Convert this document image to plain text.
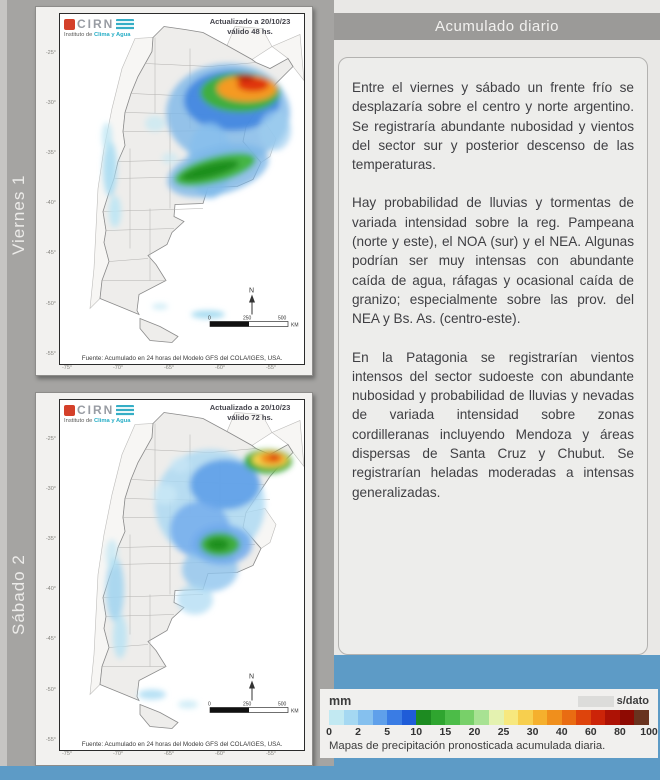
Viernes 1
Sábado 2
-25°
-30°
-35°
-40°
-45°
-50°
-55°
N
0	250	500
KM
CIRN
Instituto de Clima y Agua
Actualizado a 20/10/23
válido 48 hs.
Fuente: Acumulado en 24 horas del Modelo GFS del COLA/IGES, USA.
-75°	-70°	-65°	-60°	-55°
-25°
-30°
-35°
-40°
-45°
-50°
-55°
N
0	250	500
KM
CIRN
Instituto de Clima y Agua
Actualizado a 20/10/23
válido 72 hs.
Fuente: Acumulado en 24 horas del Modelo GFS del COLA/IGES, USA.
-75°	-70°	-65°	-60°	-55°
Acumulado diario

Entre el viernes y sábado un frente frío se desplazaría sobre el centro y norte argentino. Se registraría abundante nubosidad y vientos del sector sur y posterior descenso de las temperaturas.

Hay probabilidad de lluvias y tormentas de variada intensidad sobre la reg. Pampeana (norte y este), el NOA (sur) y el NEA. Algunas podrían ser muy intensas con abundante caída de agua, ráfagas y ocasional caída de granizo; especialmente sobre las prov. del NEA y Bs. As. (centro-este).

En la Patagonia se registrarían vientos intensos del sector sudoeste con abundante nubosidad y probabilidad de lluvias y nevadas de variada intensidad sobre zonas cordilleranas incluyendo Mendoza y áreas dispersas de Santa Cruz y Chubut. Se registrarían heladas moderadas a intensas generalizadas.

mm	s/dato
0 2 5 10 15 20 25 30 40 60 80 100
Mapas de precipitación pronosticada acumulada diaria.
